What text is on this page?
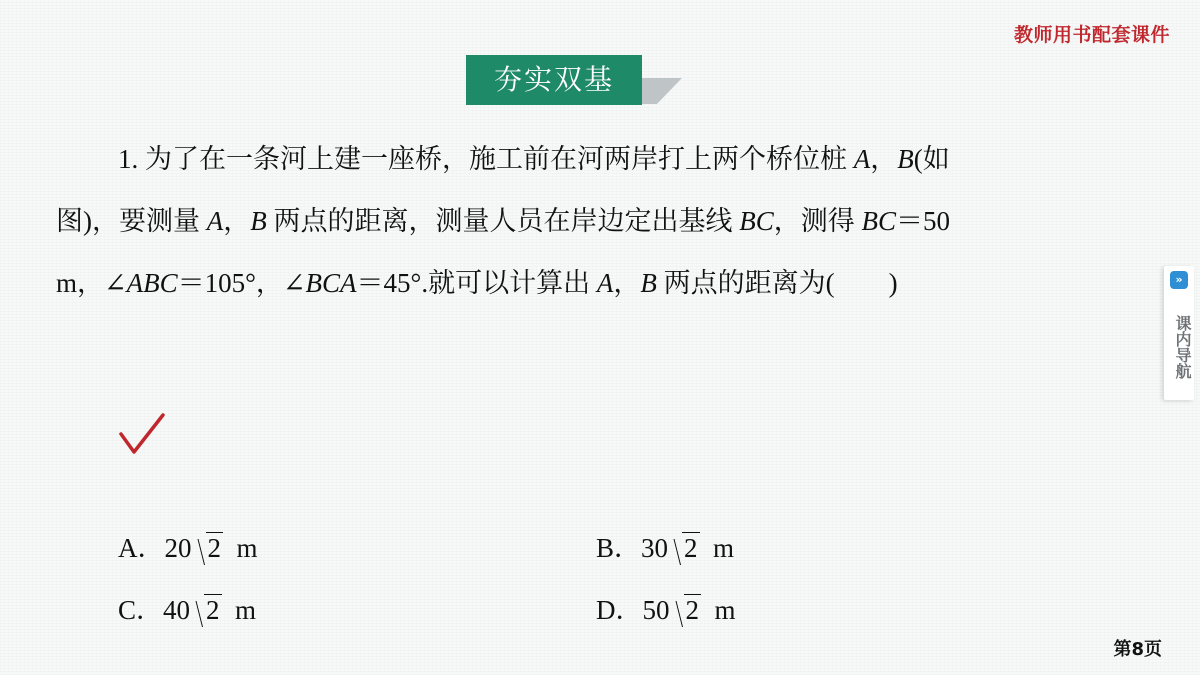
教师用书配套课件
夯实双基

1. 为了在一条河上建一座桥，施工前在河两岸打上两个桥位桩 A，B(如

图)，要测量 A，B 两点的距离，测量人员在岸边定出基线 BC，测得 BC＝50

m，∠ABC＝105°，∠BCA＝45°.就可以计算出 A，B 两点的距离为(　　)

A．20 2 m	B．30 2 m
C．40 2 m	D．50 2 m
»
课内导航
第8页
